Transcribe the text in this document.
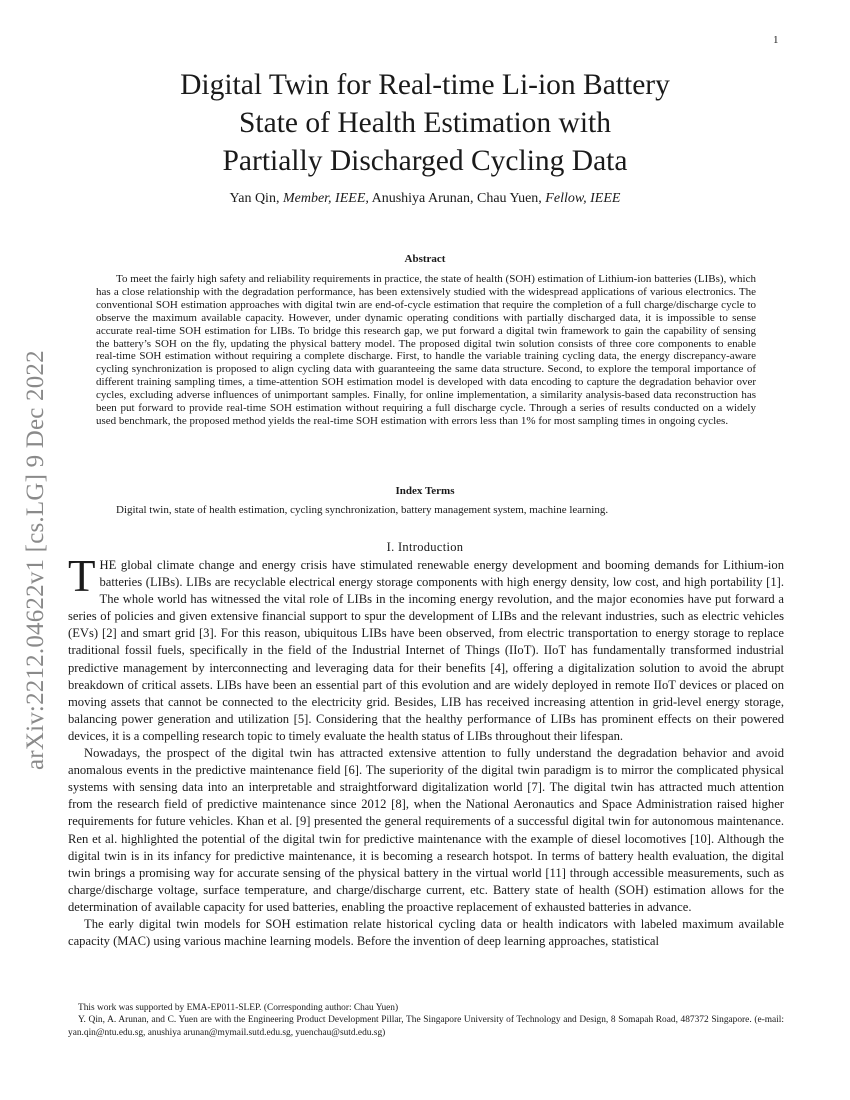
1
arXiv:2212.04622v1 [cs.LG] 9 Dec 2022
Digital Twin for Real-time Li-ion Battery
State of Health Estimation with
Partially Discharged Cycling Data
Yan Qin, Member, IEEE, Anushiya Arunan, Chau Yuen, Fellow, IEEE
Abstract

To meet the fairly high safety and reliability requirements in practice, the state of health (SOH) estimation of Lithium-ion batteries (LIBs), which has a close relationship with the degradation performance, has been extensively studied with the widespread applications of various electronics. The conventional SOH estimation approaches with digital twin are end-of-cycle estimation that require the completion of a full charge/discharge cycle to observe the maximum available capacity. However, under dynamic operating conditions with partially discharged data, it is impossible to sense accurate real-time SOH estimation for LIBs. To bridge this research gap, we put forward a digital twin framework to gain the capability of sensing the battery’s SOH on the fly, updating the physical battery model. The proposed digital twin solution consists of three core components to enable real-time SOH estimation without requiring a complete discharge. First, to handle the variable training cycling data, the energy discrepancy-aware cycling synchronization is proposed to align cycling data with guaranteeing the same data structure. Second, to explore the temporal importance of different training sampling times, a time-attention SOH estimation model is developed with data encoding to capture the degradation behavior over cycles, excluding adverse influences of unimportant samples. Finally, for online implementation, a similarity analysis-based data reconstruction has been put forward to provide real-time SOH estimation without requiring a full discharge cycle. Through a series of results conducted on a widely used benchmark, the proposed method yields the real-time SOH estimation with errors less than 1% for most sampling times in ongoing cycles.

Index Terms

Digital twin, state of health estimation, cycling synchronization, battery management system, machine learning.

I. Introduction

THE global climate change and energy crisis have stimulated renewable energy development and booming demands for Lithium-ion batteries (LIBs). LIBs are recyclable electrical energy storage components with high energy density, low cost, and high portability [1]. The whole world has witnessed the vital role of LIBs in the incoming energy revolution, and the major economies have put forward a series of policies and given extensive financial support to spur the development of LIBs and the relevant industries, such as electric vehicles (EVs) [2] and smart grid [3]. For this reason, ubiquitous LIBs have been observed, from electric transportation to energy storage to replace traditional fossil fuels, specifically in the field of the Industrial Internet of Things (IIoT). IIoT has fundamentally transformed industrial predictive management by interconnecting and leveraging data for their benefits [4], offering a digitalization solution to avoid the abrupt breakdown of critical assets. LIBs have been an essential part of this evolution and are widely deployed in remote IIoT devices or placed on moving assets that cannot be connected to the electricity grid. Besides, LIB has received increasing attention in grid-level energy storage, balancing power generation and utilization [5]. Considering that the healthy performance of LIBs has prominent effects on their powered devices, it is a compelling research topic to timely evaluate the health status of LIBs throughout their lifespan.

Nowadays, the prospect of the digital twin has attracted extensive attention to fully understand the degradation behavior and avoid anomalous events in the predictive maintenance field [6]. The superiority of the digital twin paradigm is to mirror the complicated physical systems with sensing data into an interpretable and straightforward digitalization world [7]. The digital twin has attracted much attention from the research field of predictive maintenance since 2012 [8], when the National Aeronautics and Space Administration raised higher requirements for future vehicles. Khan et al. [9] presented the general requirements of a successful digital twin for autonomous maintenance. Ren et al. highlighted the potential of the digital twin for predictive maintenance with the example of diesel locomotives [10]. Although the digital twin is in its infancy for predictive maintenance, it is becoming a research hotspot. In terms of battery health evaluation, the digital twin brings a promising way for accurate sensing of the physical battery in the virtual world [11] through accessible measurements, such as charge/discharge voltage, surface temperature, and charge/discharge current, etc. Battery state of health (SOH) estimation allows for the determination of available capacity for used batteries, enabling the proactive replacement of exhausted batteries in advance.

The early digital twin models for SOH estimation relate historical cycling data or health indicators with labeled maximum available capacity (MAC) using various machine learning models. Before the invention of deep learning approaches, statistical

This work was supported by EMA-EP011-SLEP. (Corresponding author: Chau Yuen)

Y. Qin, A. Arunan, and C. Yuen are with the Engineering Product Development Pillar, The Singapore University of Technology and Design, 8 Somapah Road, 487372 Singapore. (e-mail: yan.qin@ntu.edu.sg, anushiya arunan@mymail.sutd.edu.sg, yuenchau@sutd.edu.sg)
